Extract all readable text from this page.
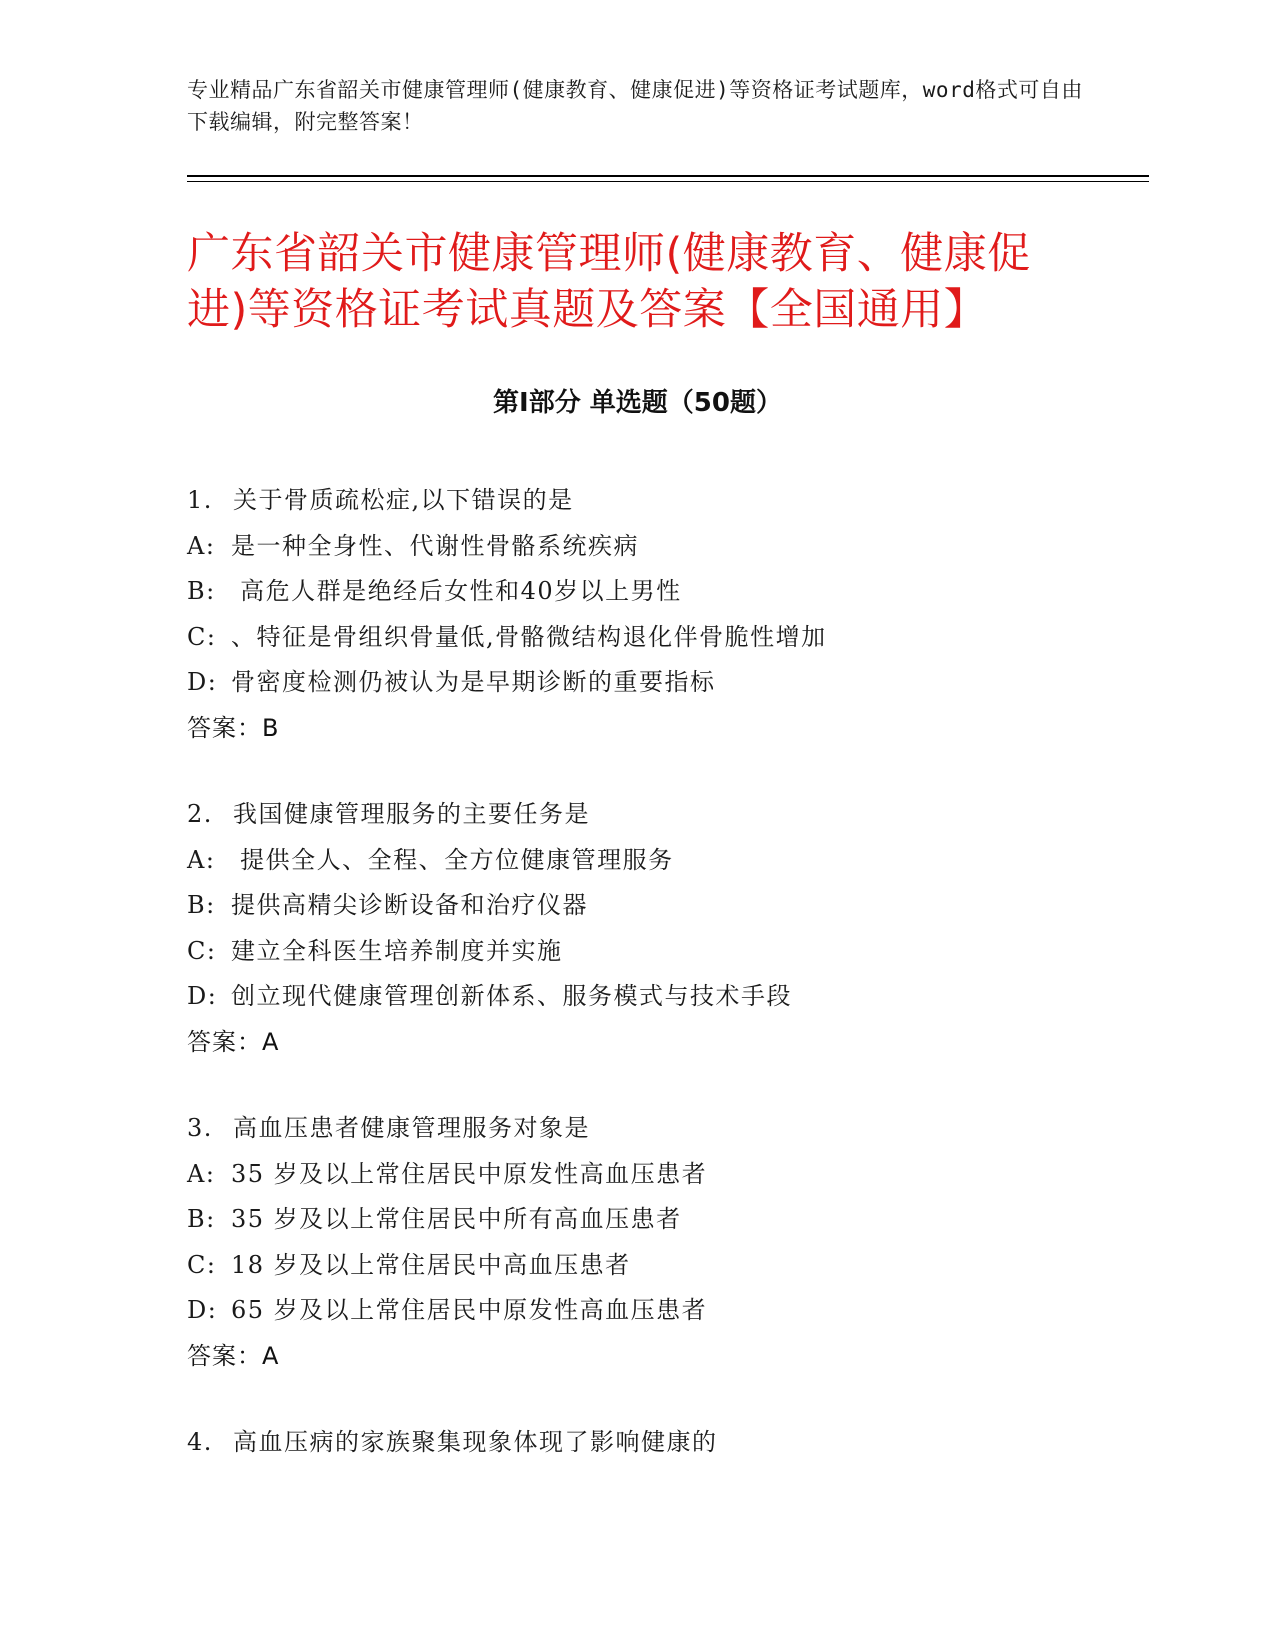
专业精品广东省韶关市健康管理师(健康教育、健康促进)等资格证考试题库，word格式可自由下载编辑，附完整答案！
广东省韶关市健康管理师(健康教育、健康促进)等资格证考试真题及答案【全国通用】
第Ⅰ部分 单选题（50题）
1. 关于骨质疏松症,以下错误的是
A: 是一种全身性、代谢性骨骼系统疾病
B: 高危人群是绝经后女性和40岁以上男性
C: 、特征是骨组织骨量低,骨骼微结构退化伴骨脆性增加
D: 骨密度检测仍被认为是早期诊断的重要指标
答案：B
2. 我国健康管理服务的主要任务是
A: 提供全人、全程、全方位健康管理服务
B: 提供高精尖诊断设备和治疗仪器
C: 建立全科医生培养制度并实施
D: 创立现代健康管理创新体系、服务模式与技术手段
答案：A
3. 高血压患者健康管理服务对象是
A: 35 岁及以上常住居民中原发性高血压患者
B: 35 岁及以上常住居民中所有高血压患者
C: 18 岁及以上常住居民中高血压患者
D: 65 岁及以上常住居民中原发性高血压患者
答案：A
4. 高血压病的家族聚集现象体现了影响健康的
